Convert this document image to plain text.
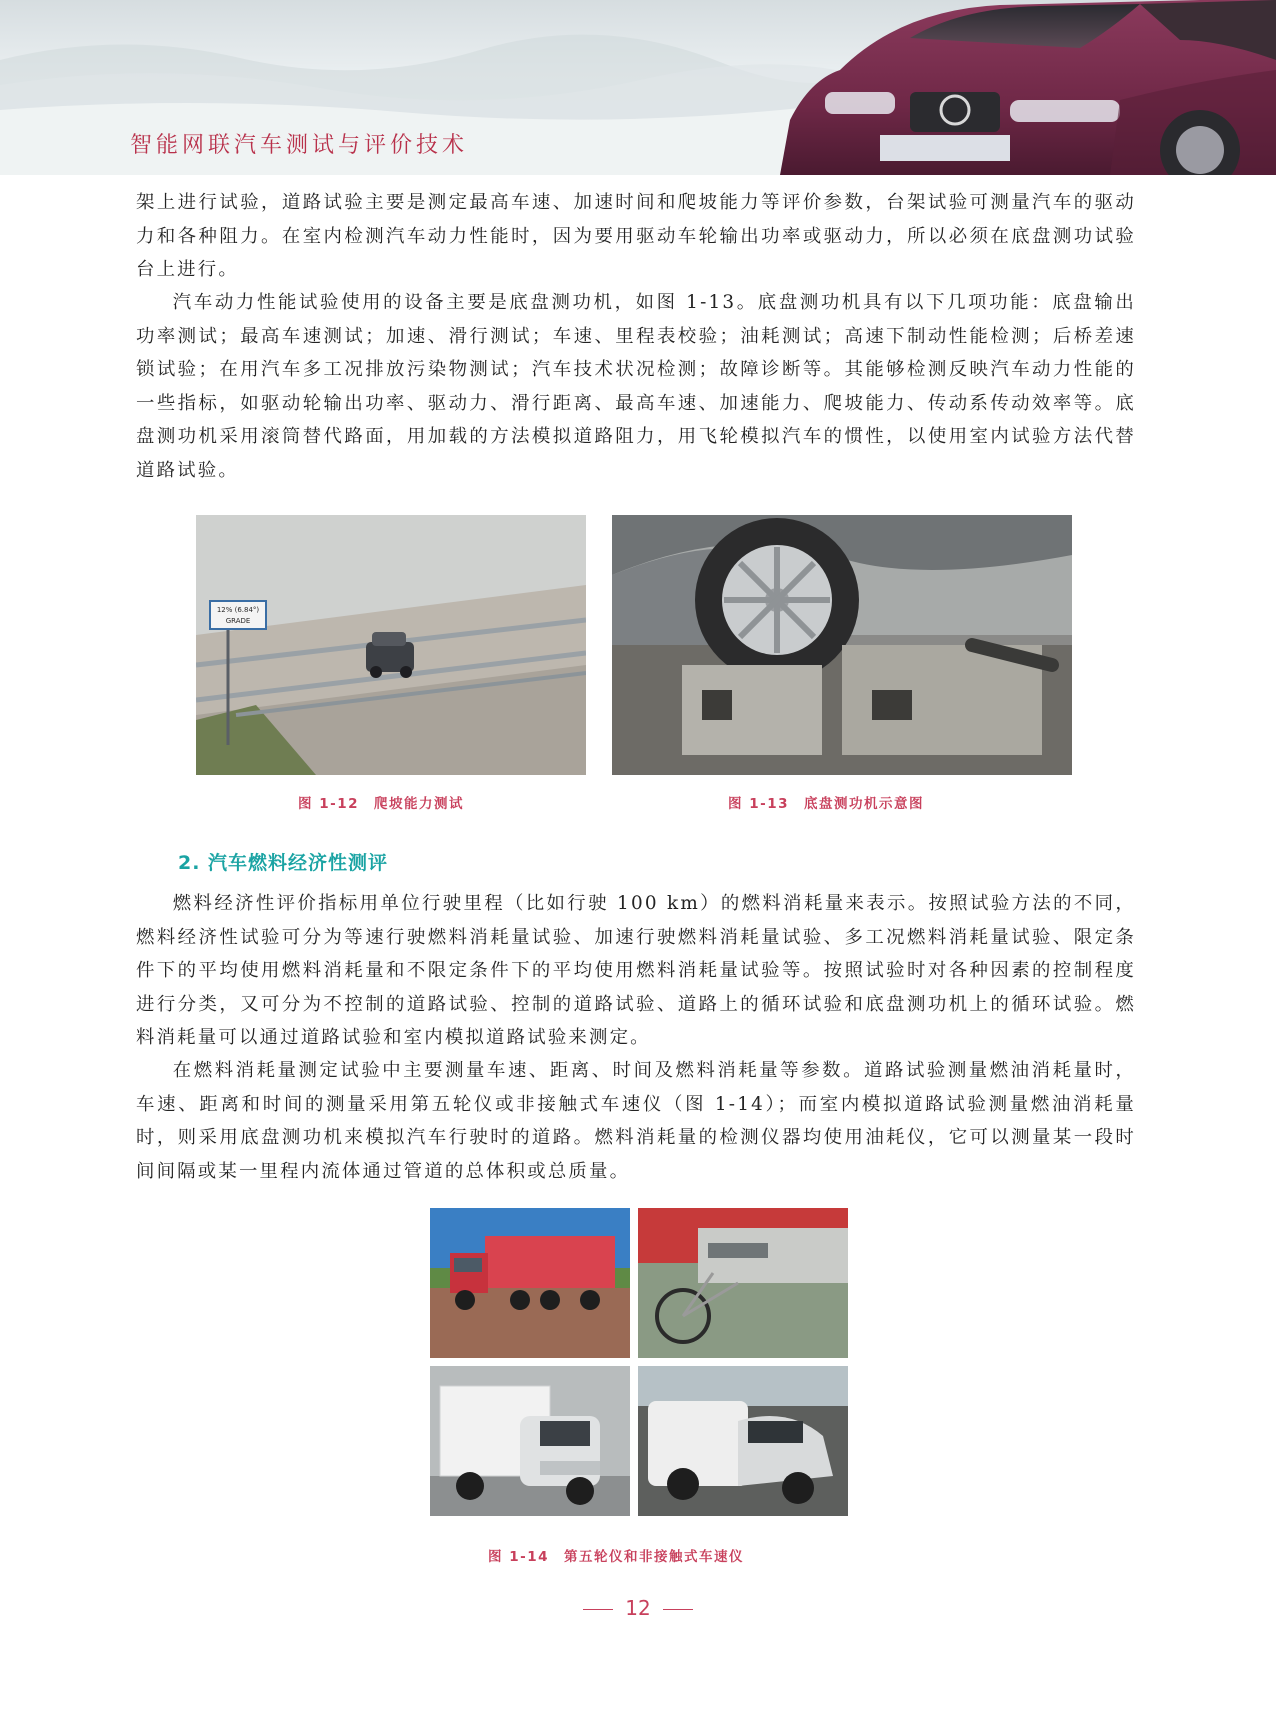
智能网联汽车测试与评价技术

架上进行试验，道路试验主要是测定最高车速、加速时间和爬坡能力等评价参数，台架试验可测量汽车的驱动力和各种阻力。在室内检测汽车动力性能时，因为要用驱动车轮输出功率或驱动力，所以必须在底盘测功试验台上进行。

汽车动力性能试验使用的设备主要是底盘测功机，如图 1-13。底盘测功机具有以下几项功能：底盘输出功率测试；最高车速测试；加速、滑行测试；车速、里程表校验；油耗测试；高速下制动性能检测；后桥差速锁试验；在用汽车多工况排放污染物测试；汽车技术状况检测；故障诊断等。其能够检测反映汽车动力性能的一些指标，如驱动轮输出功率、驱动力、滑行距离、最高车速、加速能力、爬坡能力、传动系传动效率等。底盘测功机采用滚筒替代路面，用加载的方法模拟道路阻力，用飞轮模拟汽车的惯性，以使用室内试验方法代替道路试验。

12% (6.84°)
GRADE

图 1-12　爬坡能力测试	图 1-13　底盘测功机示意图

2. 汽车燃料经济性测评

燃料经济性评价指标用单位行驶里程（比如行驶 100 km）的燃料消耗量来表示。按照试验方法的不同，燃料经济性试验可分为等速行驶燃料消耗量试验、加速行驶燃料消耗量试验、多工况燃料消耗量试验、限定条件下的平均使用燃料消耗量和不限定条件下的平均使用燃料消耗量试验等。按照试验时对各种因素的控制程度进行分类，又可分为不控制的道路试验、控制的道路试验、道路上的循环试验和底盘测功机上的循环试验。燃料消耗量可以通过道路试验和室内模拟道路试验来测定。

在燃料消耗量测定试验中主要测量车速、距离、时间及燃料消耗量等参数。道路试验测量燃油消耗量时，车速、距离和时间的测量采用第五轮仪或非接触式车速仪（图 1-14）；而室内模拟道路试验测量燃油消耗量时，则采用底盘测功机来模拟汽车行驶时的道路。燃料消耗量的检测仪器均使用油耗仪，它可以测量某一段时间间隔或某一里程内流体通过管道的总体积或总质量。

图 1-14　第五轮仪和非接触式车速仪

12
